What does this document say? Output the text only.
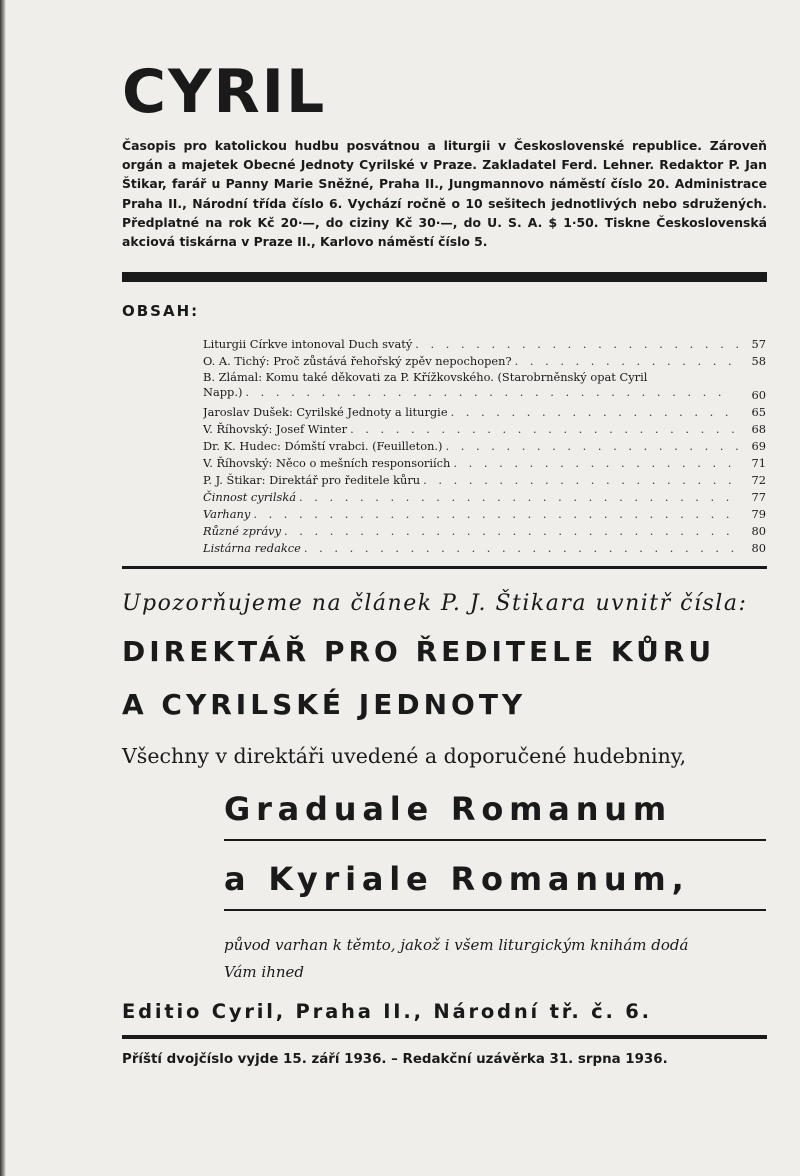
CYRIL

Časopis pro katolickou hudbu posvátnou a liturgii v Československé republice. Zároveň orgán a majetek Obecné Jednoty Cyrilské v Praze. Zakladatel Ferd. Lehner. Redaktor P. Jan Štikar, farář u Panny Marie Sněžné, Praha II., Jungmannovo náměstí číslo 20. Administrace Praha II., Národní třída číslo 6. Vychází ročně o 10 sešitech jednotlivých nebo sdružených. Předplatné na rok Kč 20·—, do ciziny Kč 30·—, do U. S. A. $ 1·50. Tiskne Československá akciová tiskárna v Praze II., Karlovo náměstí číslo 5.

OBSAH:
Liturgii Církve intonoval Duch svatý . . .	57
O. A. Tichý: Proč zůstává řehořský zpěv nepochopen? . . .	58
B. Zlámal: Komu také děkovati za P. Křížkovského. (Starobrněnský opat Cyril
Napp.) . . .	60
Jaroslav Dušek: Cyrilské Jednoty a liturgie . . .	65
V. Říhovský: Josef Winter . . .	68
Dr. K. Hudec: Dómští vrabci. (Feuilleton.) . . .	69
V. Říhovský: Něco o mešních responsoriích . . .	71
P. J. Štikar: Direktář pro ředitele kůru . . .	72
Činnost cyrilská . . .	77
Varhany . . .	79
Různé zprávy . . .	80
Listárna redakce . . .	80
Upozorňujeme na článek P. J. Štikara uvnitř čísla:
DIREKTÁŘ PRO ŘEDITELE KŮRU
A CYRILSKÉ JEDNOTY
Všechny v direktáři uvedené a doporučené hudebniny,
Graduale Romanum
a Kyriale Romanum,
původ varhan k těmto, jakož i všem liturgickým knihám dodá
Vám ihned
Editio Cyril, Praha II., Národní tř. č. 6.
Příští dvojčíslo vyjde 15. září 1936. – Redakční uzávěrka 31. srpna 1936.
